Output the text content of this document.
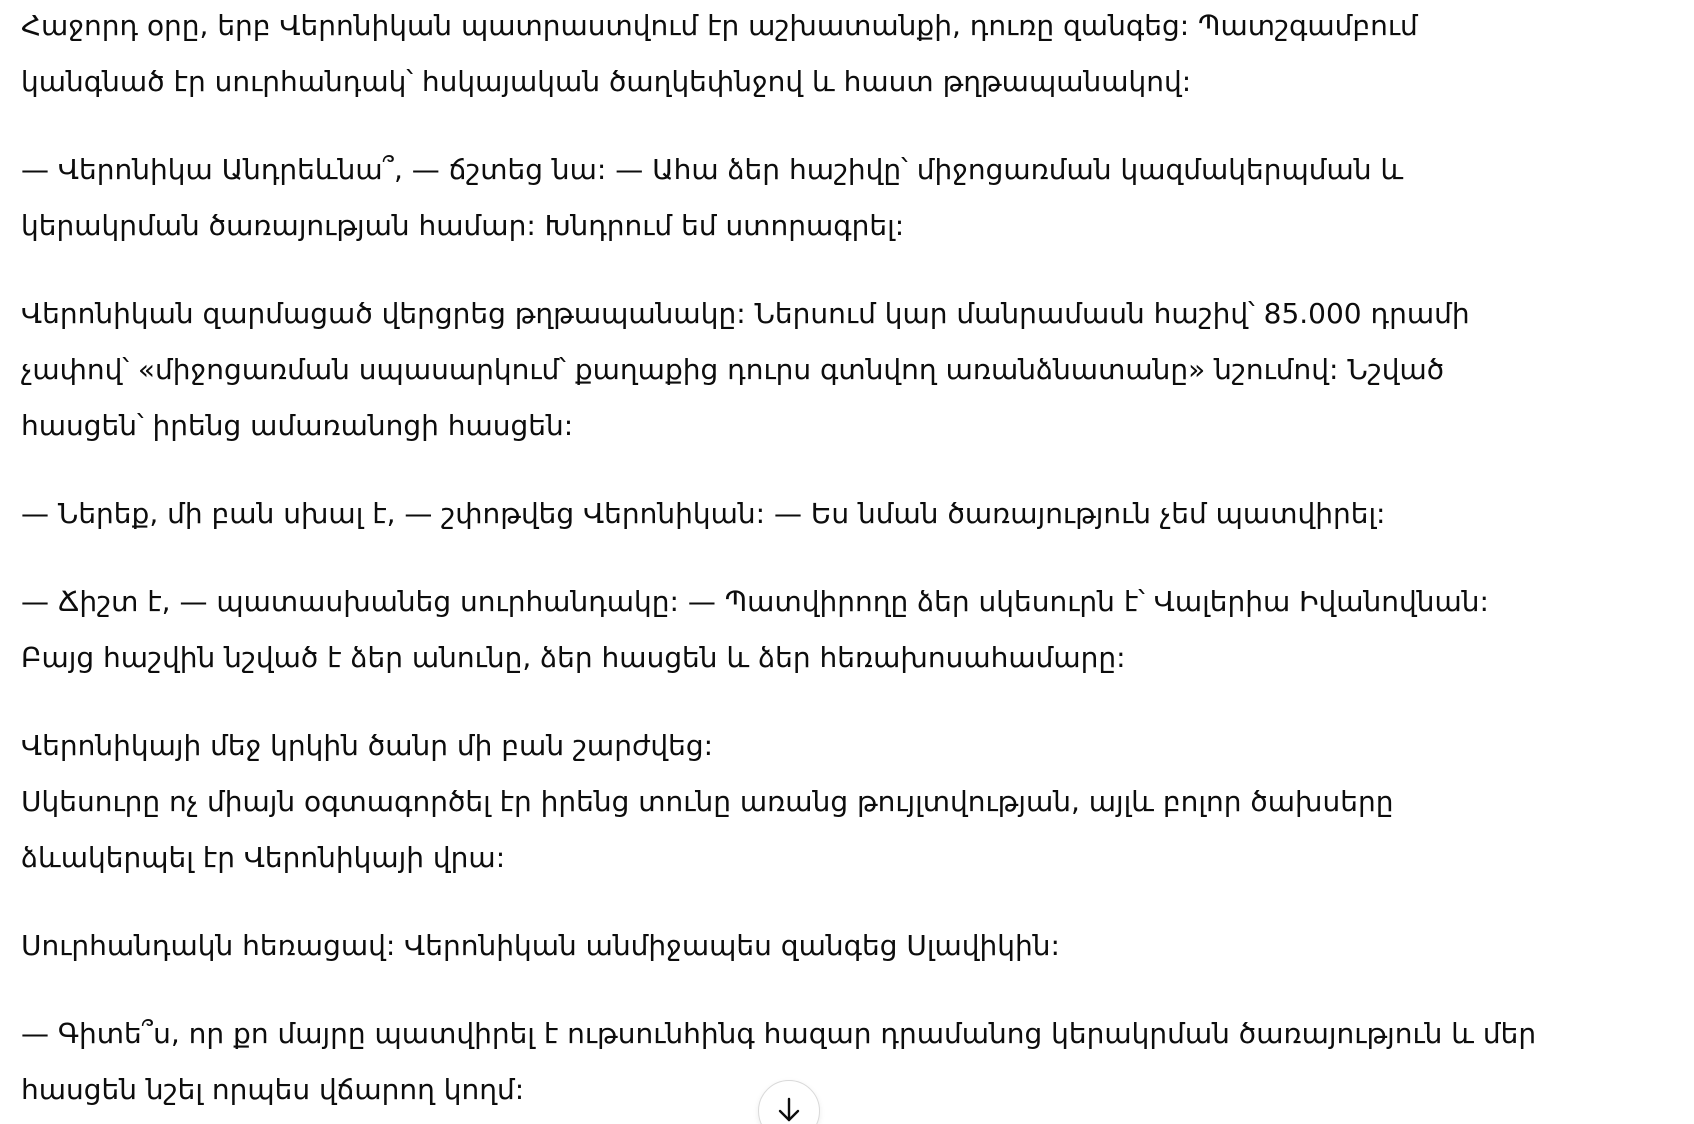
Հաջորդ օրը, երբ Վերոնիկան պատրաստվում էր աշխատանքի, դուռը զանգեց: Պատշգամբում
կանգնած էր սուրհանդակ՝ հսկայական ծաղկեփնջով և հաստ թղթապանակով:

— Վերոնիկա Անդրեևնա՞, — ճշտեց նա: — Ահա ձեր հաշիվը՝ միջոցառման կազմակերպման և
կերակրման ծառայության համար: Խնդրում եմ ստորագրել:

Վերոնիկան զարմացած վերցրեց թղթապանակը: Ներսում կար մանրամասն հաշիվ՝ 85.000 դրամի
չափով՝ «միջոցառման սպասարկում՝ քաղաքից դուրս գտնվող առանձնատանը» նշումով: Նշված
հասցեն՝ իրենց ամառանոցի հասցեն:

— Ներեք, մի բան սխալ է, — շփոթվեց Վերոնիկան: — Ես նման ծառայություն չեմ պատվիրել:

— Ճիշտ է, — պատասխանեց սուրհանդակը: — Պատվիրողը ձեր սկեսուրն է՝ Վալերիա Իվանովնան:
Բայց հաշվին նշված է ձեր անունը, ձեր հասցեն և ձեր հեռախոսահամարը:

Վերոնիկայի մեջ կրկին ծանր մի բան շարժվեց:
Սկեսուրը ոչ միայն օգտագործել էր իրենց տունը առանց թույլտվության, այլև բոլոր ծախսերը
ձևակերպել էր Վերոնիկայի վրա:

Սուրհանդակն հեռացավ: Վերոնիկան անմիջապես զանգեց Սլավիկին:

— Գիտե՞ս, որ քո մայրը պատվիրել է ութսունհինգ հազար դրամանոց կերակրման ծառայություն և մեր
հասցեն նշել որպես վճարող կողմ:
